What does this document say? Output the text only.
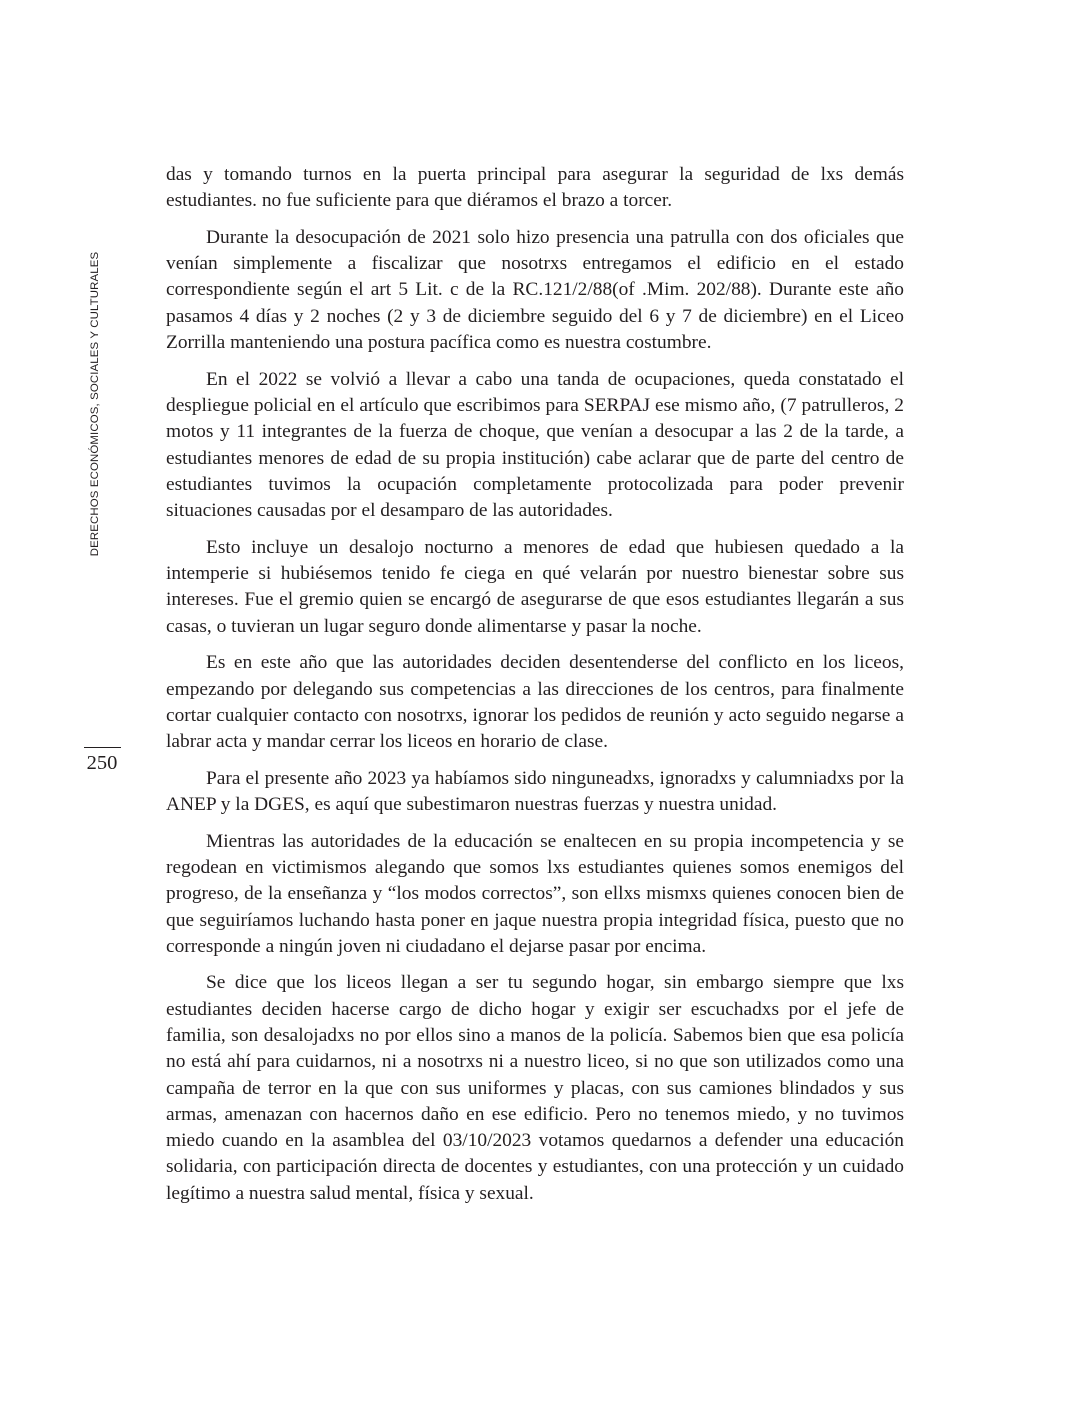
DERECHOS ECONÓMICOS, SOCIALES Y CULTURALES
250

das y tomando turnos en la puerta principal para asegurar la seguridad de lxs demás estudiantes. no fue suficiente para que diéramos el brazo a torcer.

Durante la desocupación de 2021 solo hizo presencia una patrulla con dos oficiales que venían simplemente a fiscalizar que nosotrxs entregamos el edificio en el estado correspondiente según el art 5 Lit. c de la RC.121/2/88(of .Mim. 202/88). Durante este año pasamos 4 días y 2 noches (2 y 3 de diciembre seguido del 6 y 7 de diciembre) en el Liceo Zorrilla manteniendo una postura pacífica como es nuestra costumbre.

En el 2022 se volvió a llevar a cabo una tanda de ocupaciones, queda constatado el despliegue policial en el artículo que escribimos para SERPAJ ese mismo año, (7 patrulleros, 2 motos y 11 integrantes de la fuerza de choque, que venían a desocupar a las 2 de la tarde, a estudiantes menores de edad de su propia institución) cabe aclarar que de parte del centro de estudiantes tuvimos la ocupación completamente protocolizada para poder prevenir situaciones causadas por el desamparo de las autoridades.

Esto incluye un desalojo nocturno a menores de edad que hubiesen quedado a la intemperie si hubiésemos tenido fe ciega en qué velarán por nuestro bienestar sobre sus intereses. Fue el gremio quien se encargó de asegurarse de que esos estudiantes llegarán a sus casas, o tuvieran un lugar seguro donde alimentarse y pasar la noche.

Es en este año que las autoridades deciden desentenderse del conflicto en los liceos, empezando por delegando sus competencias a las direcciones de los centros, para finalmente cortar cualquier contacto con nosotrxs, ignorar los pedidos de reunión y acto seguido negarse a labrar acta y mandar cerrar los liceos en horario de clase.

Para el presente año 2023 ya habíamos sido ninguneadxs, ignoradxs y calumniadxs por la ANEP y la DGES, es aquí que subestimaron nuestras fuerzas y nuestra unidad.

Mientras las autoridades de la educación se enaltecen en su propia incompetencia y se regodean en victimismos alegando que somos lxs estudiantes quienes somos enemigos del progreso, de la enseñanza y “los modos correctos”, son ellxs mismxs quienes conocen bien de que seguiríamos luchando hasta poner en jaque nuestra propia integridad física, puesto que no corresponde a ningún joven ni ciudadano el dejarse pasar por encima.

Se dice que los liceos llegan a ser tu segundo hogar, sin embargo siempre que lxs estudiantes deciden hacerse cargo de dicho hogar y exigir ser escuchadxs por el jefe de familia, son desalojadxs no por ellos sino a manos de la policía. Sabemos bien que esa policía no está ahí para cuidarnos, ni a nosotrxs ni a nuestro liceo, si no que son utilizados como una campaña de terror en la que con sus uniformes y placas, con sus camiones blindados y sus armas, amenazan con hacernos daño en ese edificio. Pero no tenemos miedo, y no tuvimos miedo cuando en la asamblea del 03/10/2023 votamos quedarnos a defender una educación solidaria, con participación directa de docentes y estudiantes, con una protección y un cuidado legítimo a nuestra salud mental, física y sexual.
